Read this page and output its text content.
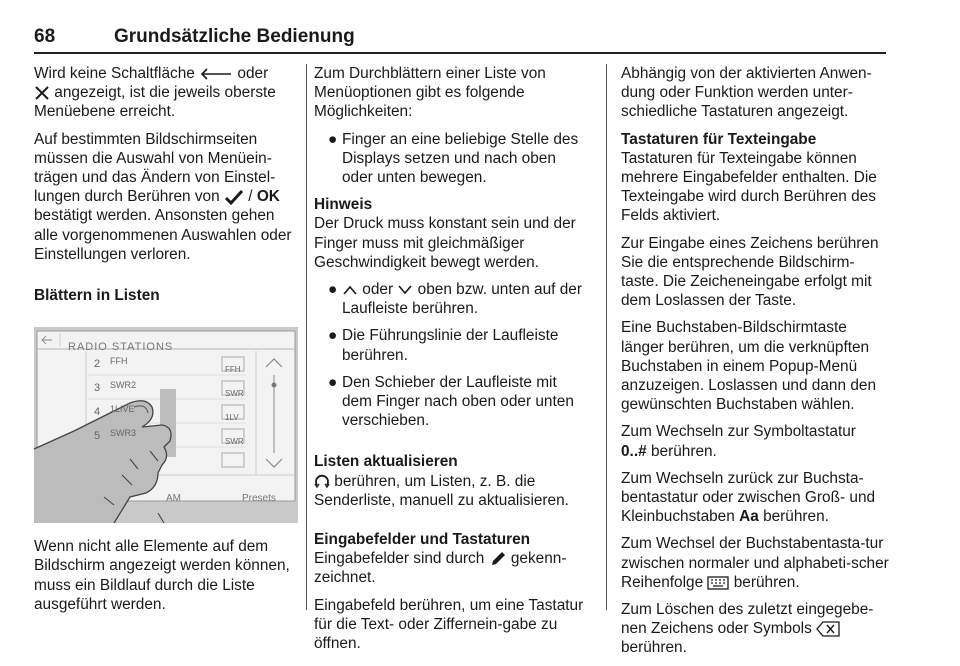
68	Grundsätzliche Bedienung

Wird keine Schaltfläche	oder
angezeigt, ist die jeweils oberste Menüebene erreicht.

Auf bestimmten Bildschirmseiten müssen die Auswahl von Menüein-trägen und das Ändern von Einstel-lungen durch Berühren von / OK bestätigt werden. Ansonsten gehen alle vorgenommenen Auswahlen oder Einstellungen verloren.

Blättern in Listen

RADIO STATIONS
2 FFH
FFH
3 SWR2
SWR
4 1LIVE
1LV
5 SWR3
SWR
AM	Presets

Wenn nicht alle Elemente auf dem Bildschirm angezeigt werden können, muss ein Bildlauf durch die Liste ausgeführt werden.

Zum Durchblättern einer Liste von Menüoptionen gibt es folgende Möglichkeiten:

● Finger an eine beliebige Stelle des Displays setzen und nach oben oder unten bewegen.

Hinweis

Der Druck muss konstant sein und der Finger muss mit gleichmäßiger Geschwindigkeit bewegt werden.

●	oder oben bzw. unten auf der Laufleiste berühren.
● Die Führungslinie der Laufleiste berühren.
● Den Schieber der Laufleiste mit dem Finger nach oben oder unten verschieben.

Listen aktualisieren

berühren, um Listen, z. B. die Senderliste, manuell zu aktualisieren.

Eingabefelder und Tastaturen

Eingabefelder sind durch gekenn-zeichnet.

Eingabefeld berühren, um eine Tastatur für die Text- oder Ziffernein-gabe zu öffnen.

Abhängig von der aktivierten Anwen-dung oder Funktion werden unter-schiedliche Tastaturen angezeigt.

Tastaturen für Texteingabe

Tastaturen für Texteingabe können mehrere Eingabefelder enthalten. Die Texteingabe wird durch Berühren des Felds aktiviert.

Zur Eingabe eines Zeichens berühren Sie die entsprechende Bildschirm-taste. Die Zeicheneingabe erfolgt mit dem Loslassen der Taste.

Eine Buchstaben-Bildschirmtaste länger berühren, um die verknüpften Buchstaben in einem Popup-Menü anzuzeigen. Loslassen und dann den gewünschten Buchstaben wählen.

Zum Wechseln zur Symboltastatur
0..# berühren.

Zum Wechseln zurück zur Buchsta-bentastatur oder zwischen Groß- und Kleinbuchstaben Aa berühren.

Zum Wechsel der Buchstabentasta-tur zwischen normaler und alphabeti-scher Reihenfolge berühren.

Zum Löschen des zuletzt eingegebe-nen Zeichens oder Symbols  berühren.
